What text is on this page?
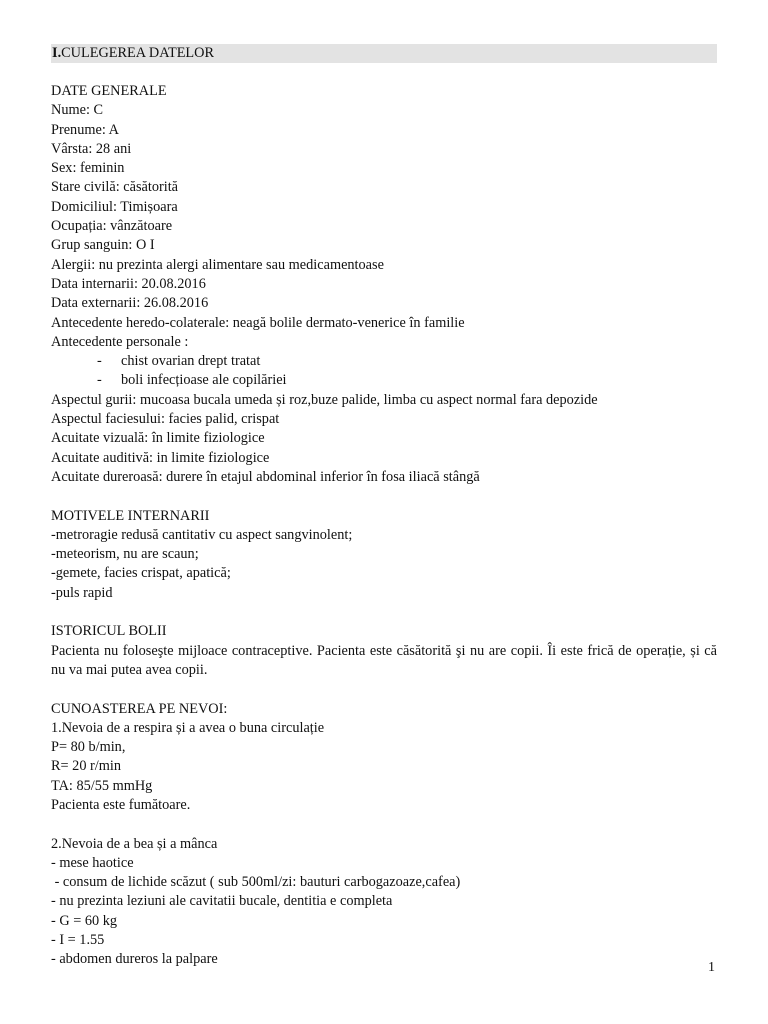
I.CULEGEREA DATELOR
DATE GENERALE
Nume: C
Prenume: A
Vârsta: 28 ani
Sex: feminin
Stare civilă: căsătorită
Domiciliul: Timișoara
Ocupația: vânzătoare
Grup sanguin: O I
Alergii: nu prezinta alergi alimentare sau medicamentoase
Data internarii: 20.08.2016
Data externarii: 26.08.2016
Antecedente heredo-colaterale: neagă bolile dermato-venerice în familie
Antecedente personale :
- chist ovarian drept tratat
- boli infecțioase ale copilăriei
Aspectul gurii: mucoasa bucala umeda și roz,buze palide, limba cu aspect normal fara depozide
Aspectul faciesului: facies palid, crispat
Acuitate vizuală: în limite fiziologice
Acuitate auditivă: in limite fiziologice
Acuitate dureroasă: durere în etajul abdominal inferior în fosa iliacă stângă
MOTIVELE INTERNARII
-metroragie redusă cantitativ cu aspect sangvinolent;
-meteorism, nu are scaun;
-gemete, facies crispat, apatică;
-puls rapid
ISTORICUL BOLII
Pacienta nu foloseşte mijloace contraceptive. Pacienta este căsătorită şi nu are copii. Îi este frică de operație, și că nu va mai putea avea copii.
CUNOASTEREA PE NEVOI:
1.Nevoia de a respira și a avea o buna circulație
P= 80 b/min,
R= 20 r/min
TA: 85/55 mmHg
Pacienta este fumătoare.
2.Nevoia de a bea și a mânca
- mese haotice
- consum de lichide scăzut ( sub 500ml/zi: bauturi carbogazoaze,cafea)
- nu prezinta leziuni ale cavitatii bucale, dentitia e completa
- G = 60 kg
- I = 1.55
- abdomen dureros la palpare
1
